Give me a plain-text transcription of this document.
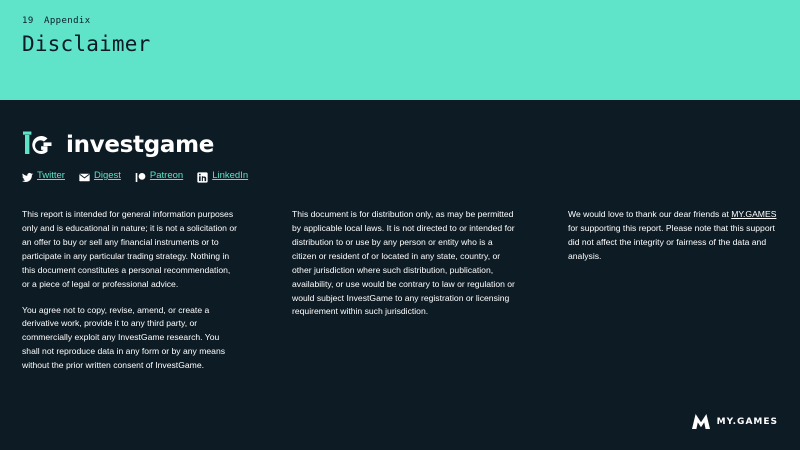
19 Appendix
Disclaimer
investgame
Twitter	Digest	Patreon	LinkedIn

This report is intended for general information purposes only and is educational in nature; it is not a solicitation or an offer to buy or sell any financial instruments or to participate in any particular trading strategy. Nothing in this document constitutes a personal recommendation, or a piece of legal or professional advice.

You agree not to copy, revise, amend, or create a derivative work, provide it to any third party, or commercially exploit any InvestGame research. You shall not reproduce data in any form or by any means without the prior written consent of InvestGame.

This document is for distribution only, as may be permitted by applicable local laws. It is not directed to or intended for distribution to or use by any person or entity who is a citizen or resident of or located in any state, country, or other jurisdiction where such distribution, publication, availability, or use would be contrary to law or regulation or would subject InvestGame to any registration or licensing requirement within such jurisdiction.

We would love to thank our dear friends at MY.GAMES for supporting this report. Please note that this support did not affect the integrity or fairness of the data and analysis.

MY.GAMES
